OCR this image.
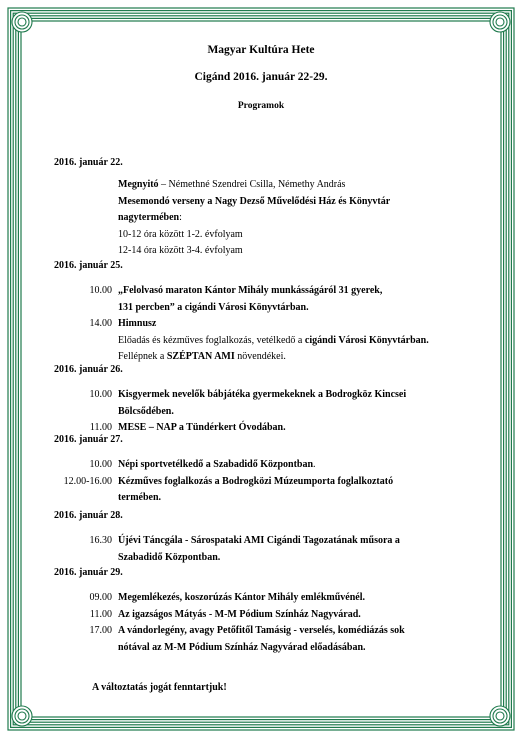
Magyar Kultúra Hete
Cigánd 2016. január 22-29.
Programok
2016. január 22.
Megnyitó – Némethné Szendrei Csilla, Némethy András
Mesemondó verseny a Nagy Dezső Művelődési Ház és Könyvtár
nagytermében:
10-12 óra között 1-2. évfolyam
12-14 óra között 3-4. évfolyam
2016. január 25.
10.00 „Felolvasó maraton Kántor Mihály munkásságáról 31 gyerek,
131 percben” a cigándi Városi Könyvtárban.
14.00 Himnusz
Előadás és kézműves foglalkozás, vetélkedő a cigándi Városi Könyvtárban.
Fellépnek a SZÉPTAN AMI növendékei.
2016. január 26.
10.00 Kisgyermek nevelők bábjátéka gyermekeknek a Bodrogköz Kincsei
Bölcsődében.
11.00 MESE – NAP a Tündérkert Óvodában.
2016. január 27.
10.00 Népi sportvetélkedő a Szabadidő Központban.
12.00-16.00 Kézműves foglalkozás a Bodrogközi Múzeumporta foglalkoztató
termében.
2016. január 28.
16.30 Újévi Táncgála - Sárospataki AMI Cigándi Tagozatának műsora a
Szabadidő Központban.
2016. január 29.
09.00 Megemlékezés, koszorúzás Kántor Mihály emlékművénél.
11.00 Az igazságos Mátyás - M-M Pódium Színház Nagyvárad.
17.00 A vándorlegény, avagy Petőfitől Tamásig - verselés, komédiázás sok
nótával az M-M Pódium Színház Nagyvárad előadásában.
A változtatás jogát fenntartjuk!
